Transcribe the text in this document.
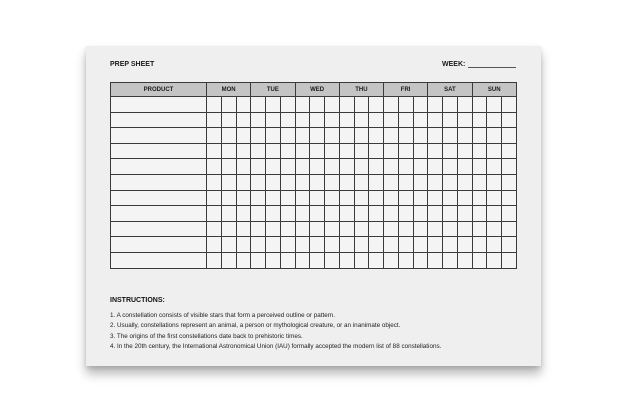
PREP SHEET	WEEK:
PRODUCT	MON			TUE			WED			THU			FRI			SAT			SUN		

INSTRUCTIONS:
1. A constellation consists of visible stars that form a perceived outline or pattern.
2. Usually, constellations represent an animal, a person or mythological creature, or an inanimate object.
3. The origins of the first constellations date back to prehistoric times.
4. In the 20th century, the International Astronomical Union (IAU) formally accepted the modern list of 88 constellations.
